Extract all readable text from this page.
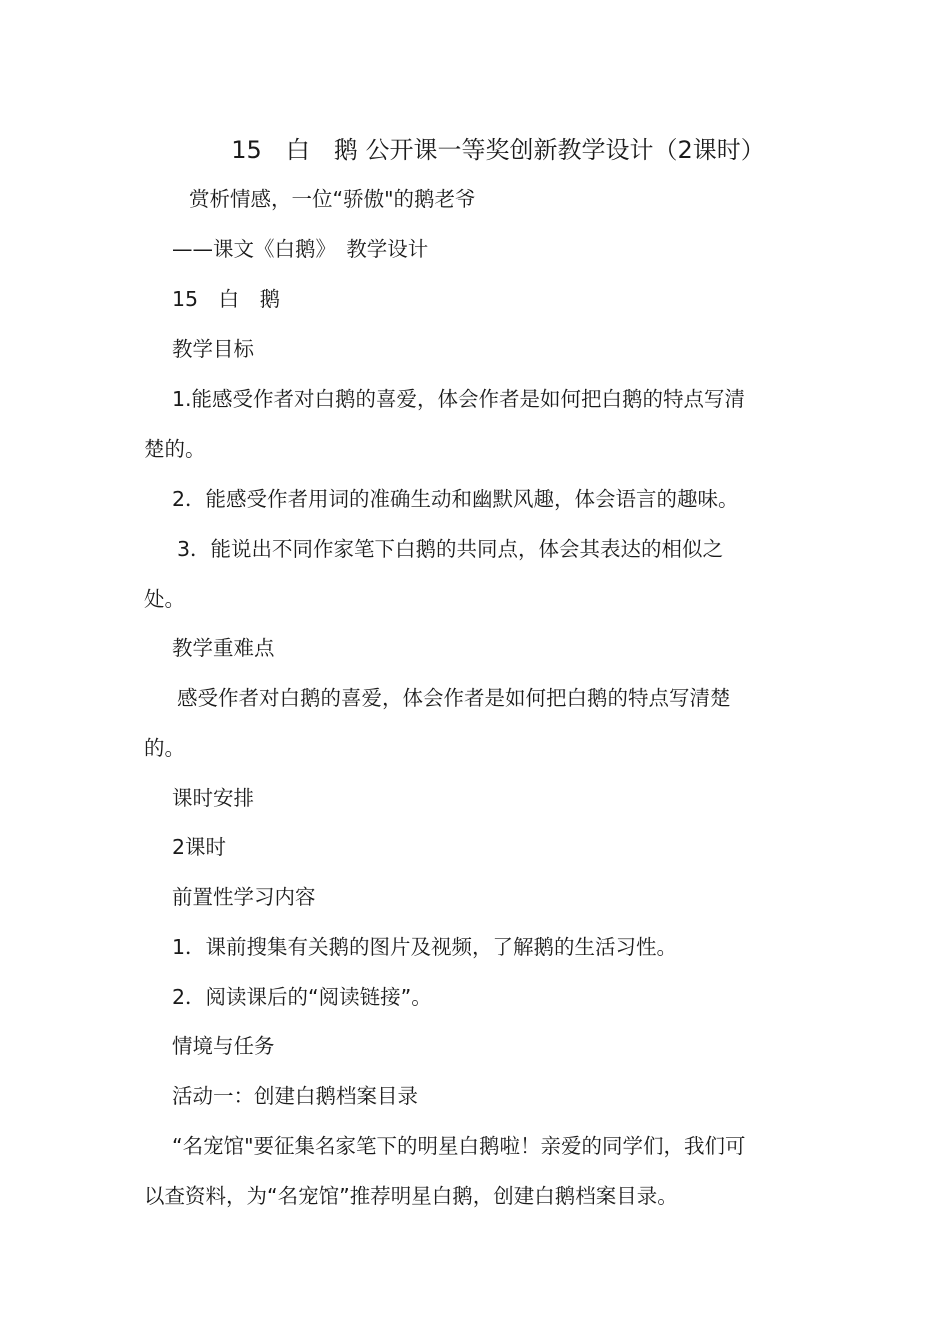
15　白　鹅 公开课一等奖创新教学设计（2课时）
赏析情感，一位“骄傲"的鹅老爷
——课文《白鹅》　教学设计
15　白　鹅
教学目标
1.能感受作者对白鹅的喜爱，体会作者是如何把白鹅的特点写清
楚的。
2．能感受作者用词的准确生动和幽默风趣，体会语言的趣味。
3．能说出不同作家笔下白鹅的共同点，体会其表达的相似之
处。
教学重难点
感受作者对白鹅的喜爱，体会作者是如何把白鹅的特点写清楚
的。
课时安排
2课时
前置性学习内容
1．课前搜集有关鹅的图片及视频，了解鹅的生活习性。
2．阅读课后的“阅读链接”。
情境与任务
活动一：创建白鹅档案目录
“名宠馆"要征集名家笔下的明星白鹅啦！亲爱的同学们，我们可
以查资料，为“名宠馆”推荐明星白鹅，创建白鹅档案目录。
